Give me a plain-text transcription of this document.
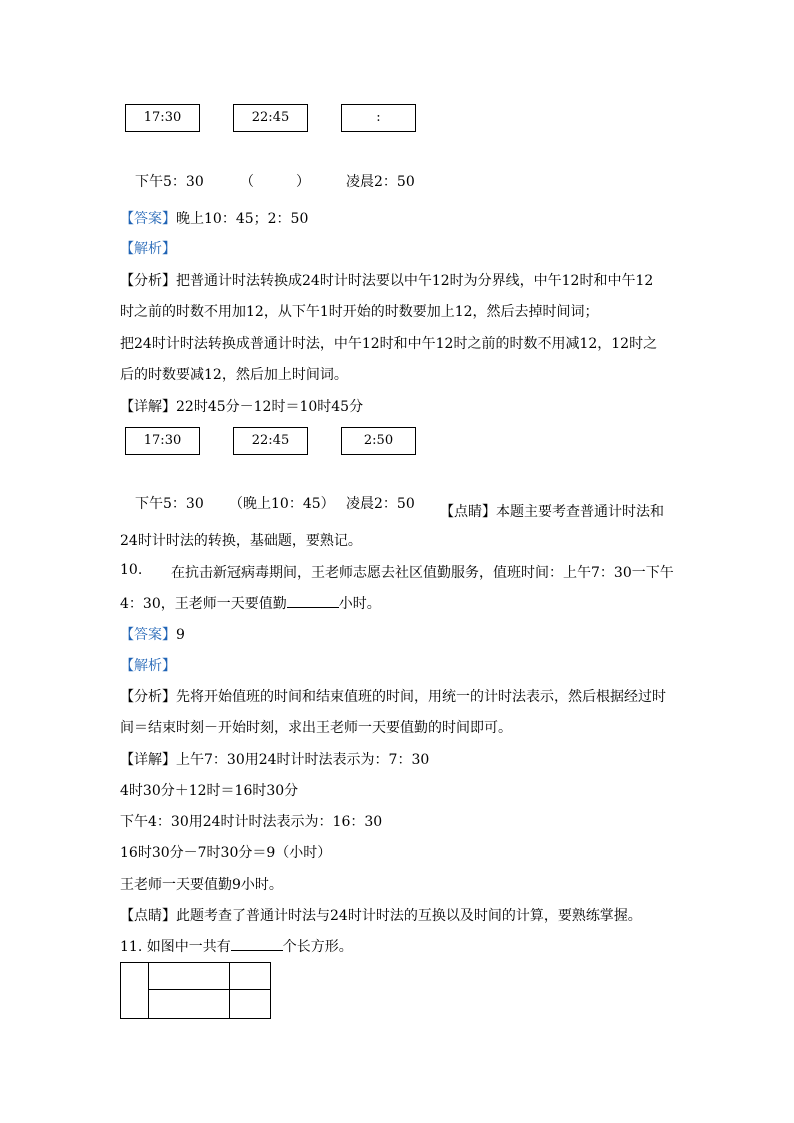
17:30	22:45	:
下午5：30	（　　　）	凌晨2：50
【答案】晚上10：45；2：50
【解析】
【分析】把普通计时法转换成24时计时法要以中午12时为分界线，中午12时和中午12
时之前的时数不用加12，从下午1时开始的时数要加上12，然后去掉时间词；
把24时计时法转换成普通计时法，中午12时和中午12时之前的时数不用减12，12时之
后的时数要减12，然后加上时间词。
【详解】22时45分－12时＝10时45分
17:30	22:45	2:50
下午5：30 （晚上10：45） 凌晨2：50 【点睛】本题主要考查普通计时法和
24时计时法的转换，基础题，要熟记。
10. 在抗击新冠病毒期间，王老师志愿去社区值勤服务，值班时间：上午7：30一下午
4：30，王老师一天要值勤	小时。
【答案】9
【解析】
【分析】先将开始值班的时间和结束值班的时间，用统一的计时法表示，然后根据经过时
间＝结束时刻－开始时刻，求出王老师一天要值勤的时间即可。
【详解】上午7：30用24时计时法表示为：7：30
4时30分＋12时＝16时30分
下午4：30用24时计时法表示为：16：30
16时30分－7时30分＝9（小时）
王老师一天要值勤9小时。
【点睛】此题考查了普通计时法与24时计时法的互换以及时间的计算，要熟练掌握。
11. 如图中一共有	个长方形。
